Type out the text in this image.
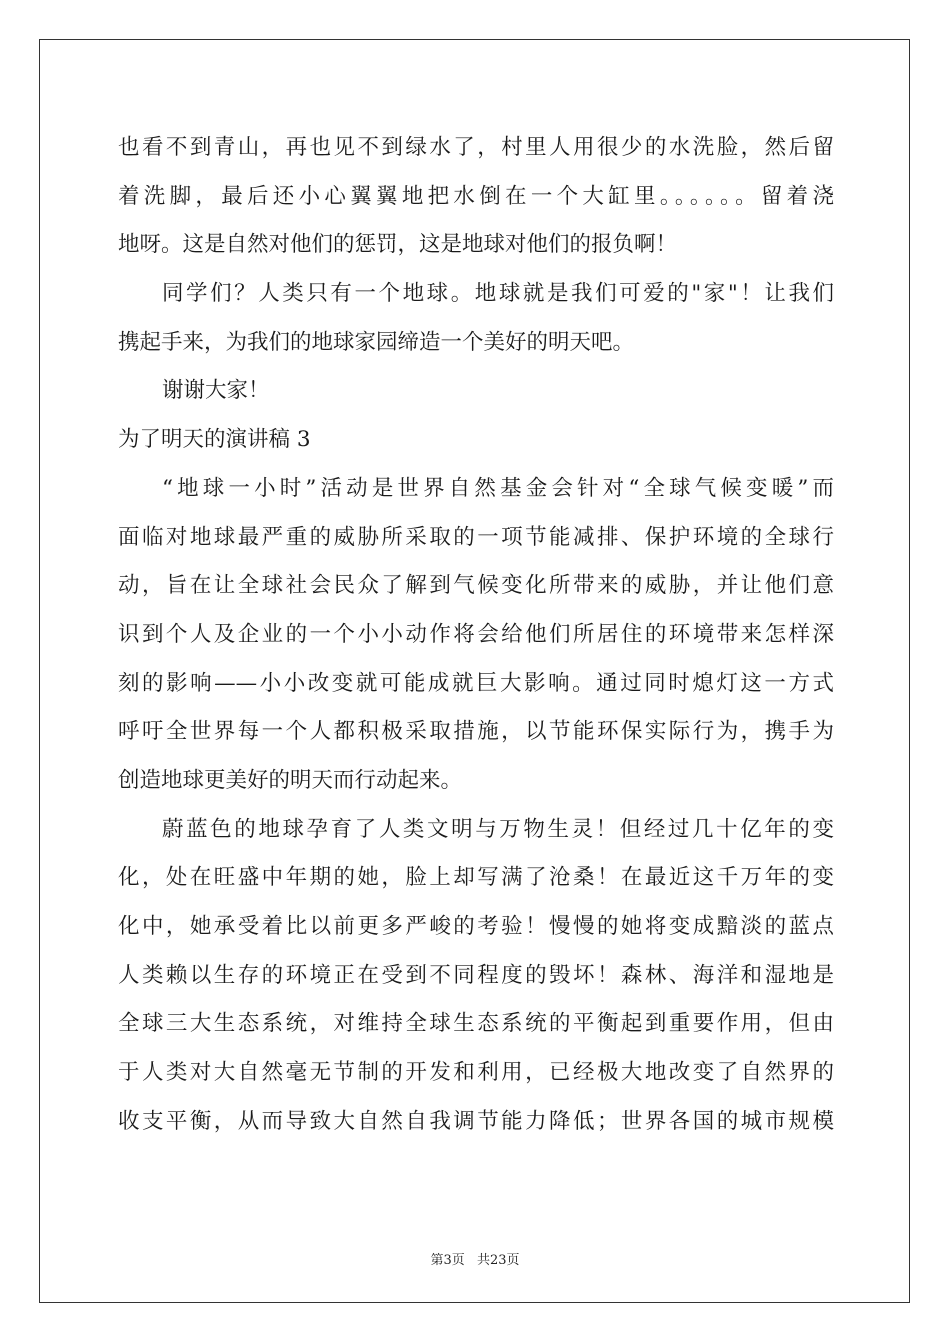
也看不到青山，再也见不到绿水了，村里人用很少的水洗脸，然后留
着洗脚，最后还小心翼翼地把水倒在一个大缸里。。。。。。留着浇
地呀。这是自然对他们的惩罚，这是地球对他们的报负啊！
同学们？人类只有一个地球。地球就是我们可爱的"家"！让我们
携起手来，为我们的地球家园缔造一个美好的明天吧。
谢谢大家！
为了明天的演讲稿 3
“地球一小时”活动是世界自然基金会针对“全球气候变暖”而
面临对地球最严重的威胁所采取的一项节能减排、保护环境的全球行
动，旨在让全球社会民众了解到气候变化所带来的威胁，并让他们意
识到个人及企业的一个小小动作将会给他们所居住的环境带来怎样深
刻的影响——小小改变就可能成就巨大影响。通过同时熄灯这一方式
呼吁全世界每一个人都积极采取措施，以节能环保实际行为，携手为
创造地球更美好的明天而行动起来。
蔚蓝色的地球孕育了人类文明与万物生灵！但经过几十亿年的变
化，处在旺盛中年期的她，脸上却写满了沧桑！在最近这千万年的变
化中，她承受着比以前更多严峻的考验！慢慢的她将变成黯淡的蓝点
人类赖以生存的环境正在受到不同程度的毁坏！森林、海洋和湿地是
全球三大生态系统，对维持全球生态系统的平衡起到重要作用，但由
于人类对大自然毫无节制的开发和利用，已经极大地改变了自然界的
收支平衡，从而导致大自然自我调节能力降低；世界各国的城市规模
第3页 共23页
